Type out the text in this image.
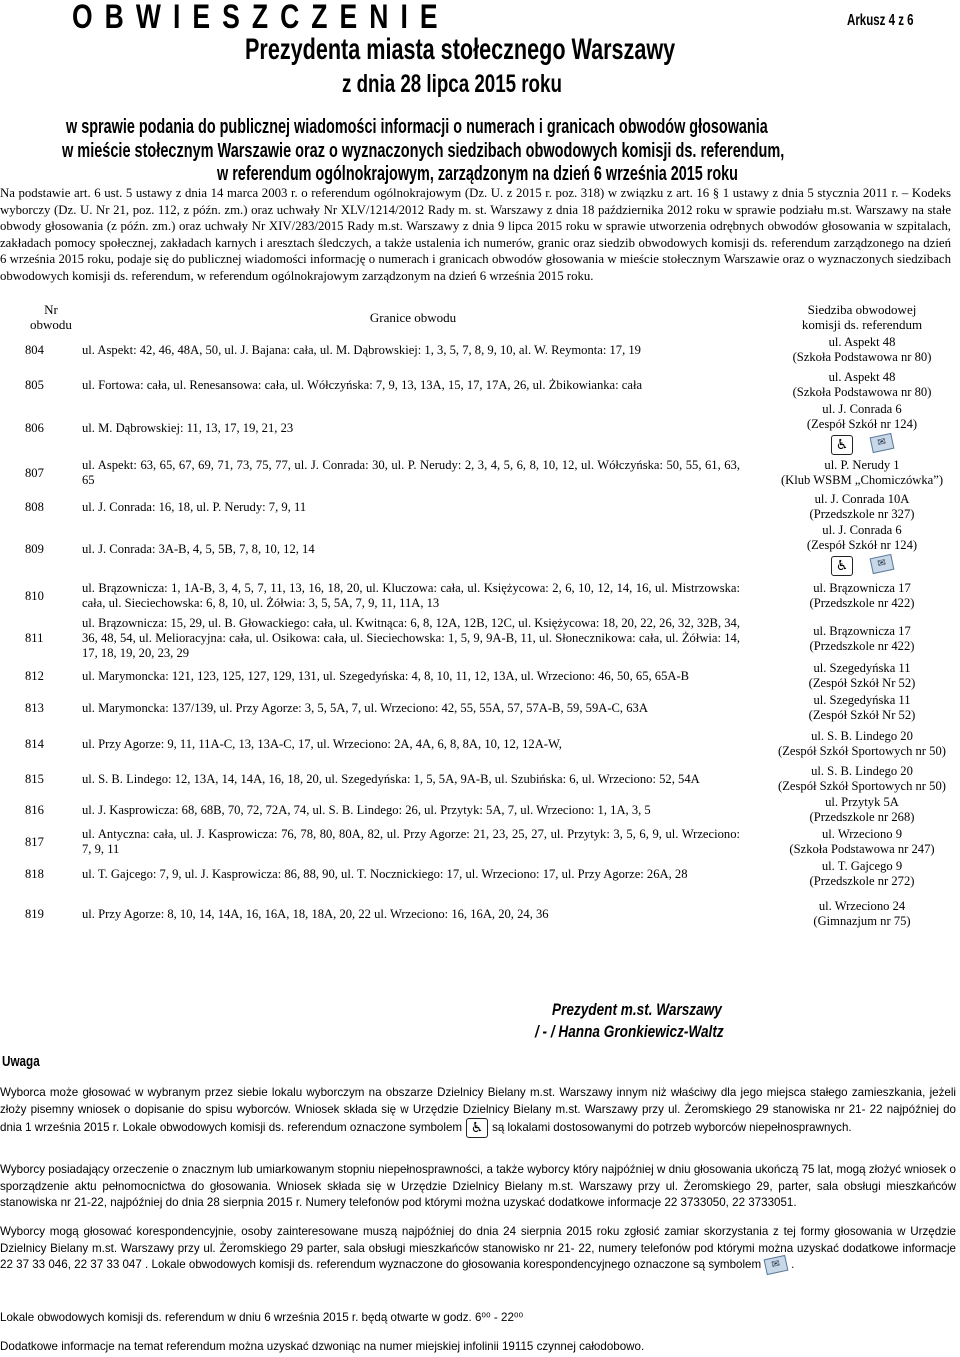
O B W I E S Z C Z E N I E	Arkusz 4 z 6
Prezydenta miasta stołecznego Warszawy
z dnia 28 lipca 2015 roku
w sprawie podania do publicznej wiadomości informacji o numerach i granicach obwodów głosowania
w mieście stołecznym Warszawie oraz o wyznaczonych siedzibach obwodowych komisji ds. referendum,
w referendum ogólnokrajowym, zarządzonym na dzień 6 września 2015 roku
Na podstawie art. 6 ust. 5 ustawy z dnia 14 marca 2003 r. o referendum ogólnokrajowym (Dz. U. z 2015 r. poz. 318) w związku z art. 16 § 1 ustawy z dnia 5 stycznia 2011 r. – Kodeks wyborczy (Dz. U. Nr 21, poz. 112, z późn. zm.) oraz uchwały Nr XLV/1214/2012 Rady m. st. Warszawy z dnia 18 października 2012 roku w sprawie podziału m.st. Warszawy na stałe obwody głosowania (z późn. zm.) oraz uchwały Nr XIV/283/2015 Rady m.st. Warszawy z dnia 9 lipca 2015 roku w sprawie utworzenia odrębnych obwodów głosowania w szpitalach, zakładach pomocy społecznej, zakładach karnych i aresztach śledczych, a także ustalenia ich numerów, granic oraz siedzib obwodowych komisji ds. referendum zarządzonego na dzień 6 września 2015 roku, podaje się do publicznej wiadomości informację o numerach i granicach obwodów głosowania w mieście stołecznym Warszawie oraz o wyznaczonych siedzibach obwodowych komisji ds. referendum, w referendum ogólnokrajowym zarządzonym na dzień 6 września 2015 roku.
Nr
obwodu	Granice obwodu	Siedziba obwodowej
komisji ds. referendum
804	ul. Aspekt: 42, 46, 48A, 50, ul. J. Bajana: cała, ul. M. Dąbrowskiej: 1, 3, 5, 7, 8, 9, 10, al. W. Reymonta: 17, 19	ul. Aspekt 48
(Szkoła Podstawowa nr 80)

805	ul. Fortowa: cała, ul. Renesansowa: cała, ul. Wółczyńska: 7, 9, 13, 13A, 15, 17, 17A, 26, ul. Żbikowianka: cała	ul. Aspekt 48
(Szkoła Podstawowa nr 80)

806	ul. M. Dąbrowskiej: 11, 13, 17, 19, 21, 23	ul. J. Conrada 6
(Zespół Szkół nr 124)
♿ ✉

807	ul. Aspekt: 63, 65, 67, 69, 71, 73, 75, 77, ul. J. Conrada: 30, ul. P. Nerudy: 2, 3, 4, 5, 6, 8, 10, 12, ul. Wółczyńska: 50, 55, 61, 63, 65	ul. P. Nerudy 1
(Klub WSBM „Chomiczówka”)

808	ul. J. Conrada: 16, 18, ul. P. Nerudy: 7, 9, 11	ul. J. Conrada 10A
(Przedszkole nr 327)

809	ul. J. Conrada: 3A-B, 4, 5, 5B, 7, 8, 10, 12, 14	ul. J. Conrada 6
(Zespół Szkół nr 124)
♿ ✉

810	ul. Brązownicza: 1, 1A-B, 3, 4, 5, 7, 11, 13, 16, 18, 20, ul. Kluczowa: cała, ul. Księżycowa: 2, 6, 10, 12, 14, 16, ul. Mistrzowska: cała, ul. Sieciechowska: 6, 8, 10, ul. Żółwia: 3, 5, 5A, 7, 9, 11, 11A, 13	ul. Brązownicza 17
(Przedszkole nr 422)

811	ul. Brązownicza: 15, 29, ul. B. Głowackiego: cała, ul. Kwitnąca: 6, 8, 12A, 12B, 12C, ul. Księżycowa: 18, 20, 22, 26, 32, 32B, 34, 36, 48, 54, ul. Melioracyjna: cała, ul. Osikowa: cała, ul. Sieciechowska: 1, 5, 9, 9A-B, 11, ul. Słonecznikowa: cała, ul. Żółwia: 14, 17, 18, 19, 20, 23, 29	ul. Brązownicza 17
(Przedszkole nr 422)

812	ul. Marymoncka: 121, 123, 125, 127, 129, 131, ul. Szegedyńska: 4, 8, 10, 11, 12, 13A, ul. Wrzeciono: 46, 50, 65, 65A-B	ul. Szegedyńska 11
(Zespół Szkół Nr 52)

813	ul. Marymoncka: 137/139, ul. Przy Agorze: 3, 5, 5A, 7, ul. Wrzeciono: 42, 55, 55A, 57, 57A-B, 59, 59A-C, 63A	ul. Szegedyńska 11
(Zespół Szkół Nr 52)

814	ul. Przy Agorze: 9, 11, 11A-C, 13, 13A-C, 17, ul. Wrzeciono: 2A, 4A, 6, 8, 8A, 10, 12, 12A-W,	ul. S. B. Lindego 20
(Zespół Szkół Sportowych nr 50)

815	ul. S. B. Lindego: 12, 13A, 14, 14A, 16, 18, 20, ul. Szegedyńska: 1, 5, 5A, 9A-B, ul. Szubińska: 6, ul. Wrzeciono: 52, 54A	ul. S. B. Lindego 20
(Zespół Szkół Sportowych nr 50)

816	ul. J. Kasprowicza: 68, 68B, 70, 72, 72A, 74, ul. S. B. Lindego: 26, ul. Przytyk: 5A, 7, ul. Wrzeciono: 1, 1A, 3, 5	ul. Przytyk 5A
(Przedszkole nr 268)

817	ul. Antyczna: cała, ul. J. Kasprowicza: 76, 78, 80, 80A, 82, ul. Przy Agorze: 21, 23, 25, 27, ul. Przytyk: 3, 5, 6, 9, ul. Wrzeciono: 7, 9, 11	ul. Wrzeciono 9
(Szkoła Podstawowa nr 247)

818	ul. T. Gajcego: 7, 9, ul. J. Kasprowicza: 86, 88, 90, ul. T. Nocznickiego: 17, ul. Wrzeciono: 17, ul. Przy Agorze: 26A, 28	ul. T. Gajcego 9
(Przedszkole nr 272)

819	ul. Przy Agorze: 8, 10, 14, 14A, 16, 16A, 18, 18A, 20, 22 ul. Wrzeciono: 16, 16A, 20, 24, 36	ul. Wrzeciono 24
(Gimnazjum nr 75)
Prezydent m.st. Warszawy
/ - / Hanna Gronkiewicz-Waltz
Uwaga
Wyborca może głosować w wybranym przez siebie lokalu wyborczym na obszarze Dzielnicy Bielany m.st. Warszawy innym niż właściwy dla jego miejsca stałego zamieszkania, jeżeli złoży pisemny wniosek o dopisanie do spisu wyborców. Wniosek składa się w Urzędzie Dzielnicy Bielany m.st. Warszawy przy ul. Żeromskiego 29 stanowiska nr 21- 22 najpóźniej do dnia 1 września 2015 r. Lokale obwodowych komisji ds. referendum oznaczone symbolem ♿ są lokalami dostosowanymi do potrzeb wyborców niepełnosprawnych.
Wyborcy posiadający orzeczenie o znacznym lub umiarkowanym stopniu niepełnosprawności, a także wyborcy który najpóźniej w dniu głosowania ukończą 75 lat, mogą złożyć wniosek o sporządzenie aktu pełnomocnictwa do głosowania. Wniosek składa się w Urzędzie Dzielnicy Bielany m.st. Warszawy przy ul. Żeromskiego 29, parter, sala obsługi mieszkańców stanowiska nr 21-22, najpóźniej do dnia 28 sierpnia 2015 r. Numery telefonów pod którymi można uzyskać dodatkowe informacje 22 3733050, 22 3733051.
Wyborcy mogą głosować korespondencyjnie, osoby zainteresowane muszą najpóźniej do dnia 24 sierpnia 2015 roku zgłosić zamiar skorzystania z tej formy głosowania w Urzędzie Dzielnicy Bielany m.st. Warszawy przy ul. Żeromskiego 29 parter, sala obsługi mieszkańców stanowisko nr 21- 22, numery telefonów pod którymi można uzyskać dodatkowe informacje 22 37 33 046, 22 37 33 047 . Lokale obwodowych komisji ds. referendum wyznaczone do głosowania korespondencyjnego oznaczone są symbolem ✉ .
Lokale obwodowych komisji ds. referendum w dniu 6 września 2015 r. będą otwarte w godz. 6⁰⁰ - 22⁰⁰
Dodatkowe informacje na temat referendum można uzyskać dzwoniąc na numer miejskiej infolinii 19115 czynnej całodobowo.
